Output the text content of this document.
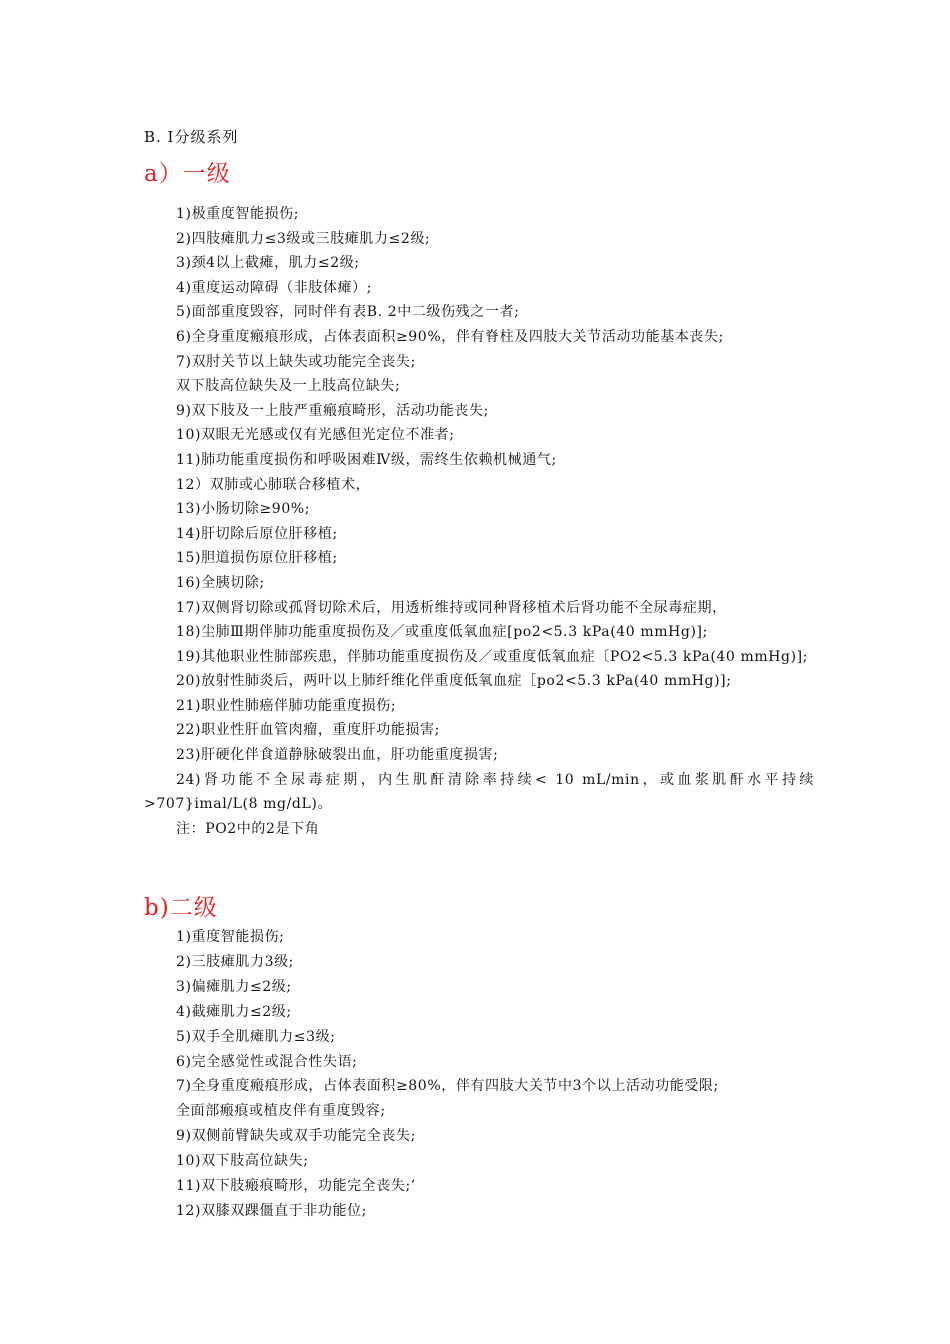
B. I分级系列
a）一级
1)极重度智能损伤;
2)四肢瘫肌力≤3级或三肢瘫肌力≤2级;
3)颈4以上截瘫，肌力≤2级;
4)重度运动障碍（非肢体瘫）;
5)面部重度毁容，同时伴有表B. 2中二级伤残之一者;
6)全身重度瘢痕形成，占体表面积≥90%，伴有脊柱及四肢大关节活动功能基本丧失;
7)双肘关节以上缺失或功能完全丧失;
双下肢高位缺失及一上肢高位缺失;
9)双下肢及一上肢严重瘢痕畸形，活动功能丧失;
10)双眼无光感或仅有光感但光定位不准者;
11)肺功能重度损伤和呼吸困难Ⅳ级，需终生依赖机械通气;
12）双肺或心肺联合移植术，
13)小肠切除≥90%;
14)肝切除后原位肝移植;
15)胆道损伤原位肝移植;
16)全胰切除;
17)双侧肾切除或孤肾切除术后，用透析维持或同种肾移植术后肾功能不全尿毒症期，
18)尘肺Ⅲ期伴肺功能重度损伤及／或重度低氧血症[po2<5.3 kPa(40 mmHg)];
19)其他职业性肺部疾患，伴肺功能重度损伤及／或重度低氧血症〔PO2<5.3 kPa(40 mmHg)];
20)放射性肺炎后，两叶以上肺纤维化伴重度低氧血症［po2<5.3 kPa(40 mmHg)];
21)职业性肺癌伴肺功能重度损伤;
22)职业性肝血管肉瘤，重度肝功能损害;
23)肝硬化伴食道静脉破裂出血，肝功能重度损害;
24)肾功能不全尿毒症期，内生肌酐清除率持续< 10 mL/min，或血浆肌酐水平持续>707}imal/L(8 mg/dL)。
注：PO2中的2是下角
b)二级
1)重度智能损伤;
2)三肢瘫肌力3级;
3)偏瘫肌力≤2级;
4)截瘫肌力≤2级;
5)双手全肌瘫肌力≤3级;
6)完全感觉性或混合性失语;
7)全身重度瘢痕形成，占体表面积≥80%，伴有四肢大关节中3个以上活动功能受限;
全面部瘢痕或植皮伴有重度毁容;
9)双侧前臂缺失或双手功能完全丧失;
10)双下肢高位缺失;
11)双下肢瘢痕畸形，功能完全丧失;’
12)双膝双踝僵直于非功能位;
